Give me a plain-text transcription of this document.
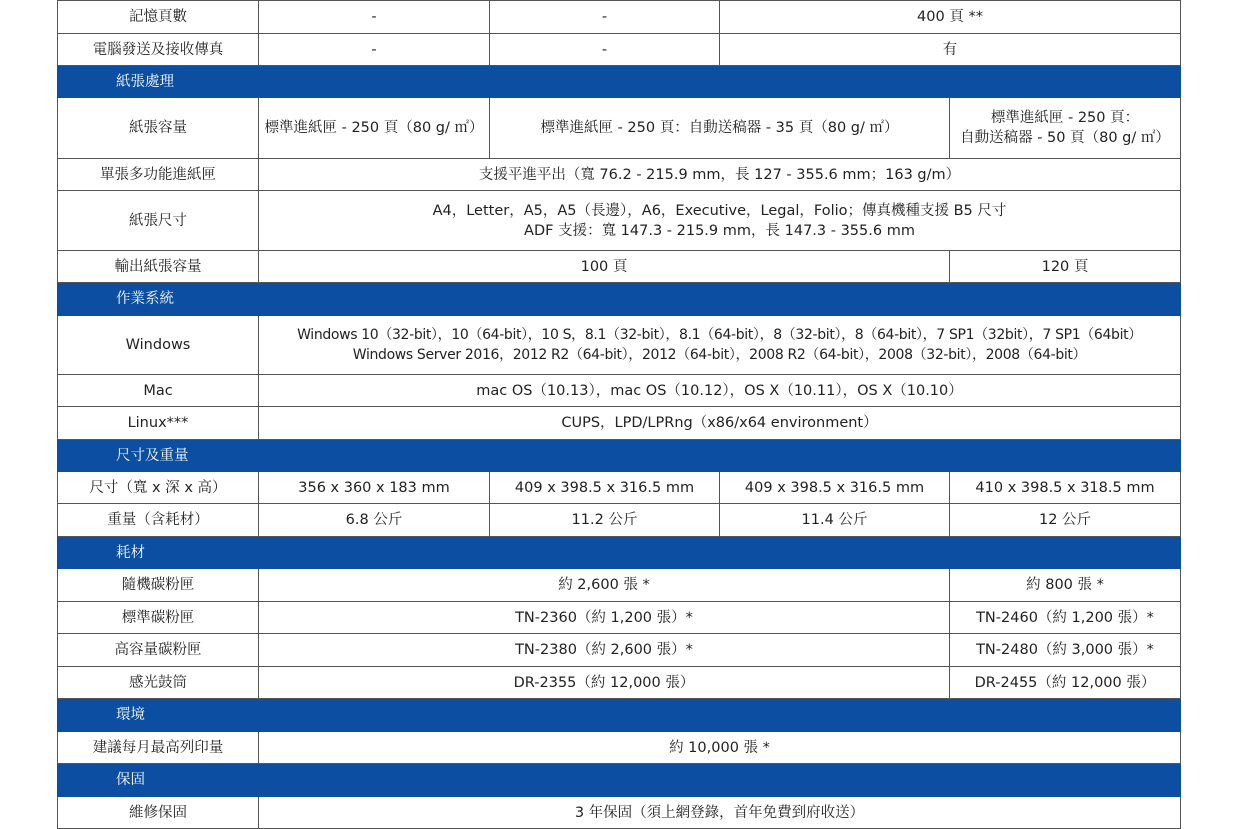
記憶頁數	-	-	400 頁 **	
電腦發送及接收傳真	-	-	有	
紙張處理				
紙張容量	標準進紙匣 - 250 頁（80 g/ ㎡）	標準進紙匣 - 250 頁：自動送稿器 - 35 頁（80 g/ ㎡）		標準進紙匣 - 250 頁：
自動送稿器 - 50 頁（80 g/ ㎡）

單張多功能進紙匣	支援平進平出（寬 76.2 - 215.9 mm，長 127 - 355.6 mm；163 g/m）			
紙張尺寸	A4，Letter，A5，A5（長邊），A6，Executive，Legal，Folio；傳真機種支援 B5 尺寸
ADF 支援：寬 147.3 - 215.9 mm，長 147.3 - 355.6 mm			

輸出紙張容量	100 頁			120 頁
作業系統				
Windows	Windows 10（32-bit），10（64-bit），10 S，8.1（32-bit），8.1（64-bit），8（32-bit），8（64-bit），7 SP1（32bit），7 SP1（64bit）
Windows Server 2016，2012 R2（64-bit），2012（64-bit），2008 R2（64-bit），2008（32-bit），2008（64-bit）			

Mac	mac OS（10.13），mac OS（10.12），OS X（10.11），OS X（10.10）			
Linux***	CUPS，LPD/LPRng（x86/x64 environment）			
尺寸及重量				
尺寸（寬 x 深 x 高）	356 x 360 x 183 mm	409 x 398.5 x 316.5 mm	409 x 398.5 x 316.5 mm	410 x 398.5 x 318.5 mm
重量（含耗材）	6.8 公斤	11.2 公斤	11.4 公斤	12 公斤
耗材				
隨機碳粉匣	約 2,600 張 *			約 800 張 *
標準碳粉匣	TN-2360（約 1,200 張）*			TN-2460（約 1,200 張）*
高容量碳粉匣	TN-2380（約 2,600 張）*			TN-2480（約 3,000 張）*
感光鼓筒	DR-2355（約 12,000 張）			DR-2455（約 12,000 張）
環境				
建議每月最高列印量	約 10,000 張 *			
保固				
維修保固	3 年保固（須上網登錄，首年免費到府收送）			
